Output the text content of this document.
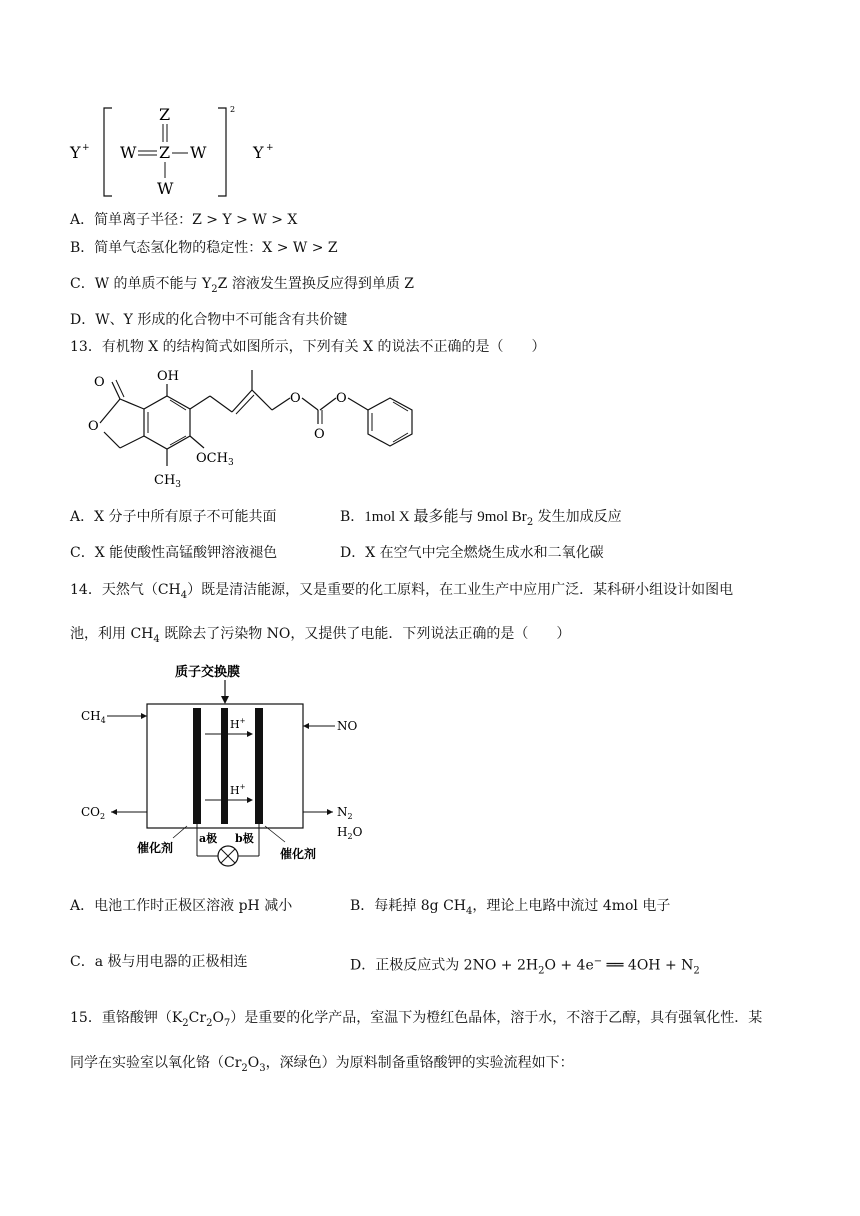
Y +
Z
W Z W
W
2
Y +
A．简单离子半径：Z > Y > W > X
B．简单气态氢化物的稳定性：X > W > Z
C．W 的单质不能与 $Y_2Z$ 溶液发生置换反应得到单质 Z
D．W、Y 形成的化合物中不可能含有共价键
13．有机物 X 的结构简式如图所示，下列有关 X 的说法不正确的是（　　）
O
O	OH
$CH_3$
$OCH_3$
O
O
O
A．X 分子中所有原子不可能共面	B．1mol X 最多能与 9mol $Br_2$ 发生加成反应
C．X 能使酸性高锰酸钾溶液褪色	D．X 在空气中完全燃烧生成水和二氧化碳
14．天然气$(CH_4)$既是清洁能源，又是重要的化工原料，在工业生产中应用广泛．某科研小组设计如图电
池，利用 $CH_4$ 既除去了污染物 NO，又提供了电能．下列说法正确的是（　　）
质子交换膜
H+
H+
$CH_4$
$CO_2$
NO
$N_2$
$H_2O$
a极 b极
催化剂	催化剂
A．电池工作时正极区溶液 pH 减小	B．每耗掉 8g $CH_4$，理论上电路中流过 4mol 电子
C．a 极与用电器的正极相连	D．正极反应式为 $2NO + 2H_2O + 4e^-$ ══ $4OH + N_2$
15．重铬酸钾$(K_2Cr_2O_7)$是重要的化学产品，室温下为橙红色晶体，溶于水，不溶于乙醇，具有强氧化性．某
同学在实验室以氧化铬（$Cr_2O_3$，深绿色）为原料制备重铬酸钾的实验流程如下：
